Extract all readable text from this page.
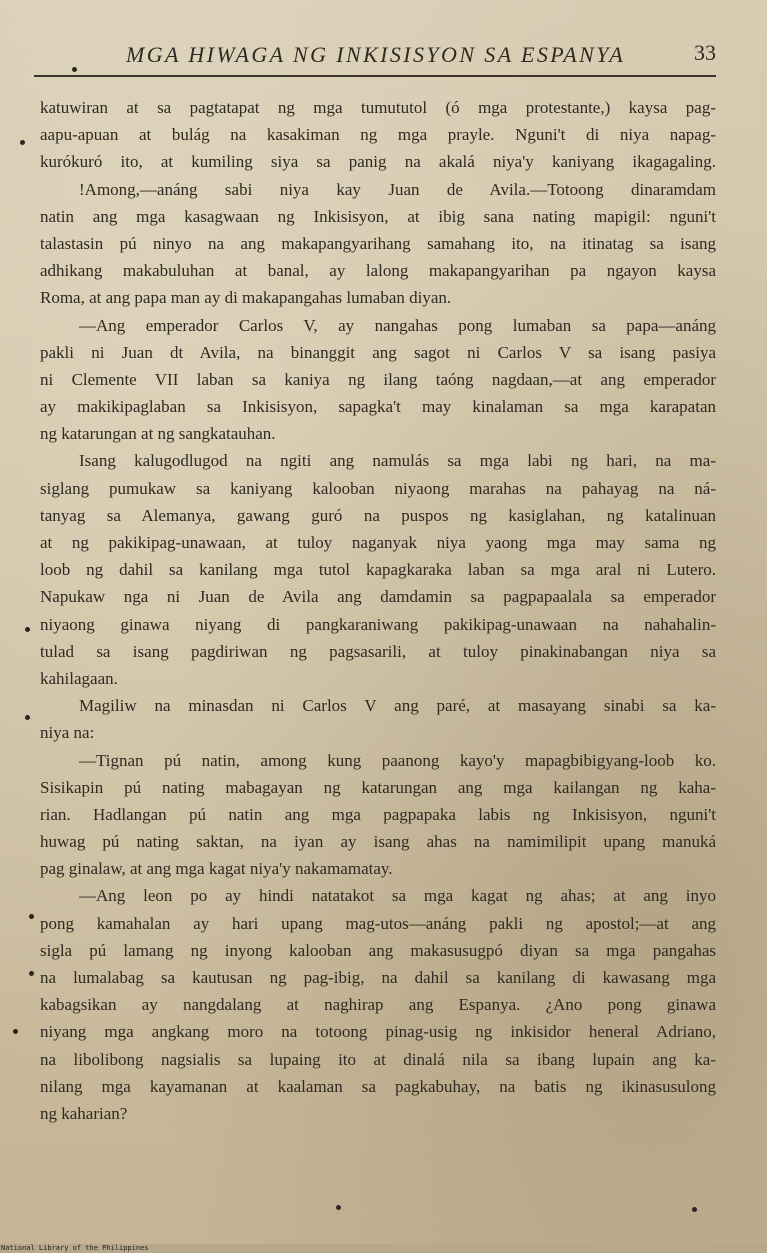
MGA HIWAGA NG INKISISYON SA ESPANYA	33
katuwiran at sa pagtatapat ng mga tumututol (ó mga protestante,) kaysa pag-
aapu-apuan at bulág na kasakiman ng mga prayle. Nguni't di niya napag-
kurókuró ito, at kumiling siya sa panig na akalá niya'y kaniyang ikagagaling.
!Among,—anáng sabi niya kay Juan de Avila.—Totoong dinaramdam
natin ang mga kasagwaan ng Inkisisyon, at ibig sana nating mapigil: nguni't
talastasin pú ninyo na ang makapangyarihang samahang ito, na itinatag sa isang
adhikang makabuluhan at banal, ay lalong makapangyarihan pa ngayon kaysa
Roma, at ang papa man ay di makapangahas lumaban diyan.
—Ang emperador Carlos V, ay nangahas pong lumaban sa papa—anáng
pakli ni Juan dt Avila, na binanggit ang sagot ni Carlos V sa isang pasiya
ni Clemente VII laban sa kaniya ng ilang taóng nagdaan,—at ang emperador
ay makikipaglaban sa Inkisisyon, sapagka't may kinalaman sa mga karapatan
ng katarungan at ng sangkatauhan.
Isang kalugodlugod na ngiti ang namulás sa mga labi ng hari, na ma-
siglang pumukaw sa kaniyang kalooban niyaong marahas na pahayag na ná-
tanyag sa Alemanya, gawang guró na puspos ng kasiglahan, ng katalinuan
at ng pakikipag-unawaan, at tuloy naganyak niya yaong mga may sama ng
loob ng dahil sa kanilang mga tutol kapagkaraka laban sa mga aral ni Lutero.
Napukaw nga ni Juan de Avila ang damdamin sa pagpapaalala sa emperador
niyaong ginawa niyang di pangkaraniwang pakikipag-unawaan na nahahalin-
tulad sa isang pagdiriwan ng pagsasarili, at tuloy pinakinabangan niya sa
kahilagaan.
Magiliw na minasdan ni Carlos V ang paré, at masayang sinabi sa ka-
niya na:
—Tignan pú natin, among kung paanong kayo'y mapagbibigyang-loob ko.
Sisikapin pú nating mabagayan ng katarungan ang mga kailangan ng kaha-
rian. Hadlangan pú natin ang mga pagpapaka labis ng Inkisisyon, nguni't
huwag pú nating saktan, na iyan ay isang ahas na namimilipit upang manuká
pag ginalaw, at ang mga kagat niya'y nakamamatay.
—Ang leon po ay hindi natatakot sa mga kagat ng ahas; at ang inyo
pong kamahalan ay hari upang mag-utos—anáng pakli ng apostol;—at ang
sigla pú lamang ng inyong kalooban ang makasusugpó diyan sa mga pangahas
na lumalabag sa kautusan ng pag-ibig, na dahil sa kanilang di kawasang mga
kabagsikan ay nangdalang at naghirap ang Espanya. ¿Ano pong ginawa
niyang mga angkang moro na totoong pinag-usig ng inkisidor heneral Adriano,
na libolibong nagsialis sa lupaing ito at dinalá nila sa ibang lupain ang ka-
nilang mga kayamanan at kaalaman sa pagkabuhay, na batis ng ikinasusulong
ng kaharian?
National Library of the Philippines
